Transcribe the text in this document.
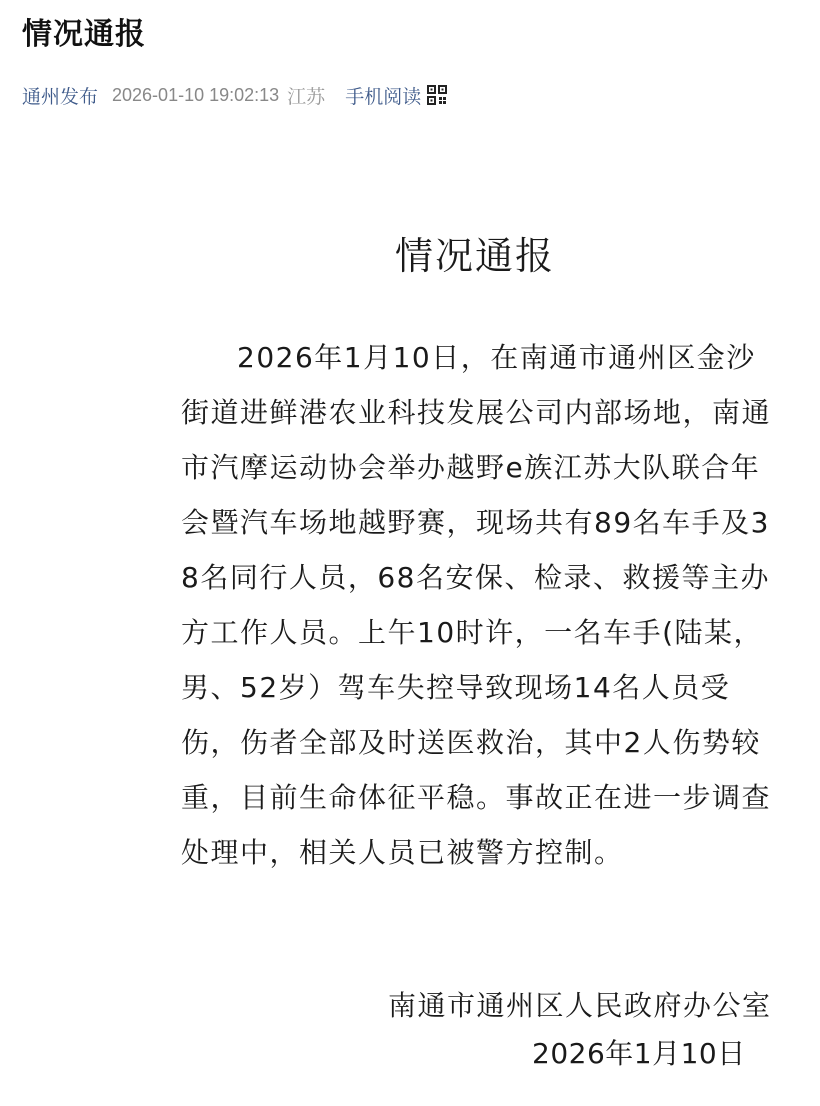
情况通报
通州发布 2026-01-10 19:02:13 江苏 手机阅读
情况通报

2026年1月10日，在南通市通州区金沙街道进鲜港农业科技发展公司内部场地，南通市汽摩运动协会举办越野e族江苏大队联合年会暨汽车场地越野赛，现场共有89名车手及38名同行人员，68名安保、检录、救援等主办方工作人员。上午10时许，一名车手(陆某，男、52岁）驾车失控导致现场14名人员受伤，伤者全部及时送医救治，其中2人伤势较重，目前生命体征平稳。事故正在进一步调查处理中，相关人员已被警方控制。

南通市通州区人民政府办公室
2026年1月10日
